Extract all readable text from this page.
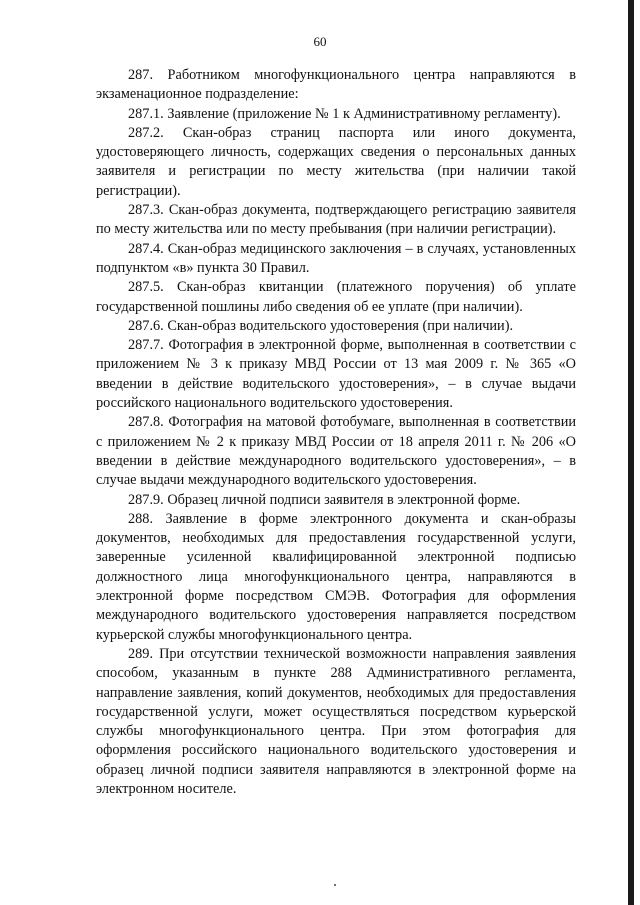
60

287. Работником многофункционального центра направляются в экзаменационное подразделение:

287.1. Заявление (приложение № 1 к Административному регламенту).

287.2. Скан-образ страниц паспорта или иного документа, удостоверяющего личность, содержащих сведения о персональных данных заявителя и регистрации по месту жительства (при наличии такой регистрации).

287.3. Скан-образ документа, подтверждающего регистрацию заявителя по месту жительства или по месту пребывания (при наличии регистрации).

287.4. Скан-образ медицинского заключения – в случаях, установленных подпунктом «в» пункта 30 Правил.

287.5. Скан-образ квитанции (платежного поручения) об уплате государственной пошлины либо сведения об ее уплате (при наличии).

287.6. Скан-образ водительского удостоверения (при наличии).

287.7. Фотография в электронной форме, выполненная в соответствии с приложением № 3 к приказу МВД России от 13 мая 2009 г. № 365 «О введении в действие водительского удостоверения», – в случае выдачи российского национального водительского удостоверения.

287.8. Фотография на матовой фотобумаге, выполненная в соответствии с приложением № 2 к приказу МВД России от 18 апреля 2011 г. № 206 «О введении в действие международного водительского удостоверения», – в случае выдачи международного водительского удостоверения.

287.9. Образец личной подписи заявителя в электронной форме.

288. Заявление в форме электронного документа и скан-образы документов, необходимых для предоставления государственной услуги, заверенные усиленной квалифицированной электронной подписью должностного лица многофункционального центра, направляются в электронной форме посредством СМЭВ. Фотография для оформления международного водительского удостоверения направляется посредством курьерской службы многофункционального центра.

289. При отсутствии технической возможности направления заявления способом, указанным в пункте 288 Административного регламента, направление заявления, копий документов, необходимых для предоставления государственной услуги, может осуществляться посредством курьерской службы многофункционального центра. При этом фотография для оформления российского национального водительского удостоверения и образец личной подписи заявителя направляются в электронной форме на электронном носителе.
